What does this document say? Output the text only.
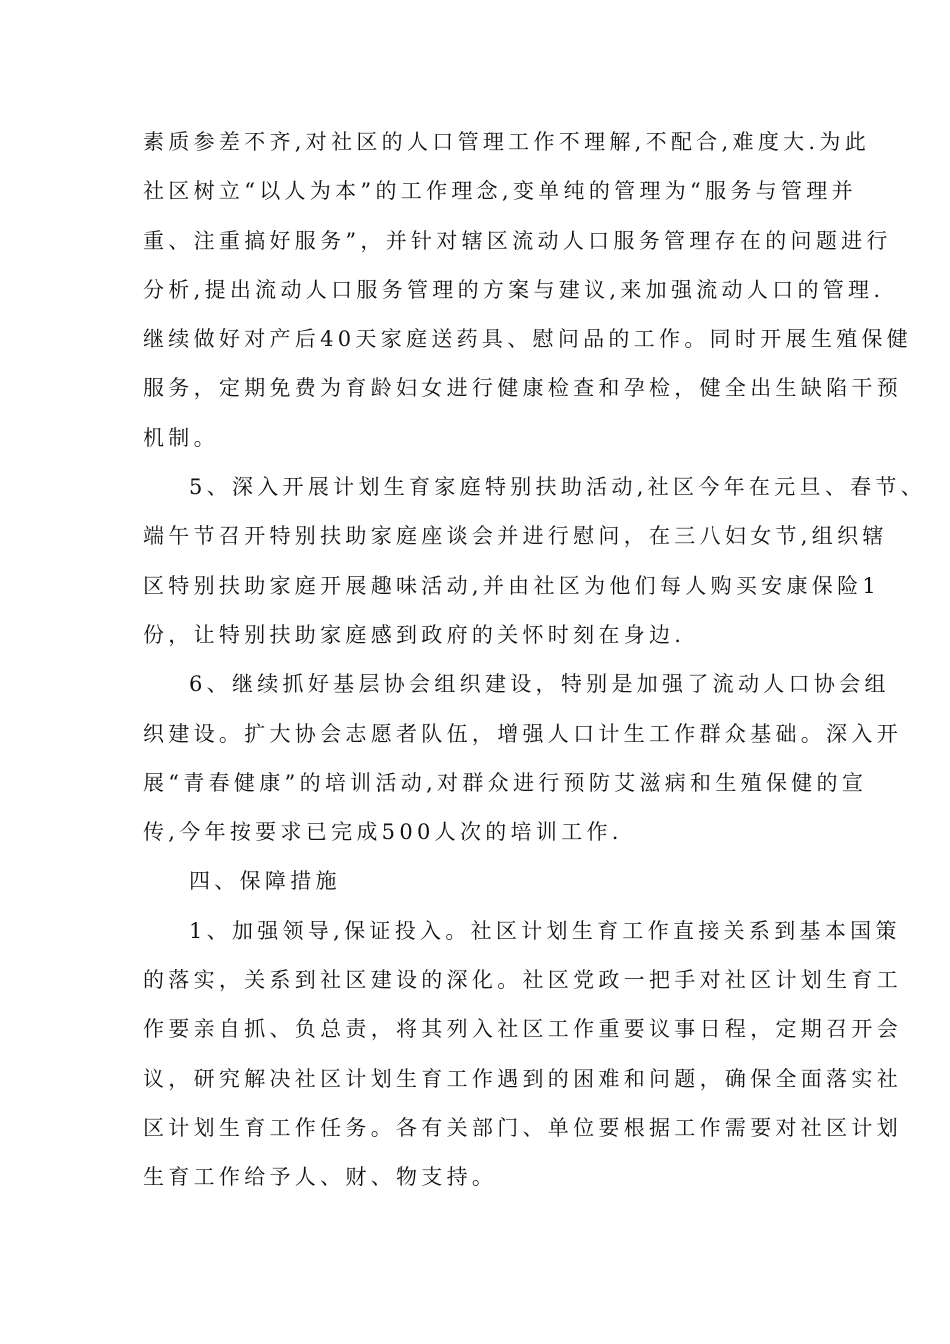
素质参差不齐,对社区的人口管理工作不理解,不配合,难度大.为此
社区树立“以人为本”的工作理念,变单纯的管理为“服务与管理并
重、注重搞好服务”，并针对辖区流动人口服务管理存在的问题进行
分析,提出流动人口服务管理的方案与建议,来加强流动人口的管理.
继续做好对产后40天家庭送药具、慰问品的工作。同时开展生殖保健
服务，定期免费为育龄妇女进行健康检查和孕检，健全出生缺陷干预
机制。
5、深入开展计划生育家庭特别扶助活动,社区今年在元旦、春节、
端午节召开特别扶助家庭座谈会并进行慰问，在三八妇女节,组织辖
区特别扶助家庭开展趣味活动,并由社区为他们每人购买安康保险1
份，让特别扶助家庭感到政府的关怀时刻在身边.
6、继续抓好基层协会组织建设，特别是加强了流动人口协会组
织建设。扩大协会志愿者队伍，增强人口计生工作群众基础。深入开
展“青春健康”的培训活动,对群众进行预防艾滋病和生殖保健的宣
传,今年按要求已完成500人次的培训工作.
四、保障措施
1、加强领导,保证投入。社区计划生育工作直接关系到基本国策
的落实，关系到社区建设的深化。社区党政一把手对社区计划生育工
作要亲自抓、负总责，将其列入社区工作重要议事日程，定期召开会
议，研究解决社区计划生育工作遇到的困难和问题，确保全面落实社
区计划生育工作任务。各有关部门、单位要根据工作需要对社区计划
生育工作给予人、财、物支持。
